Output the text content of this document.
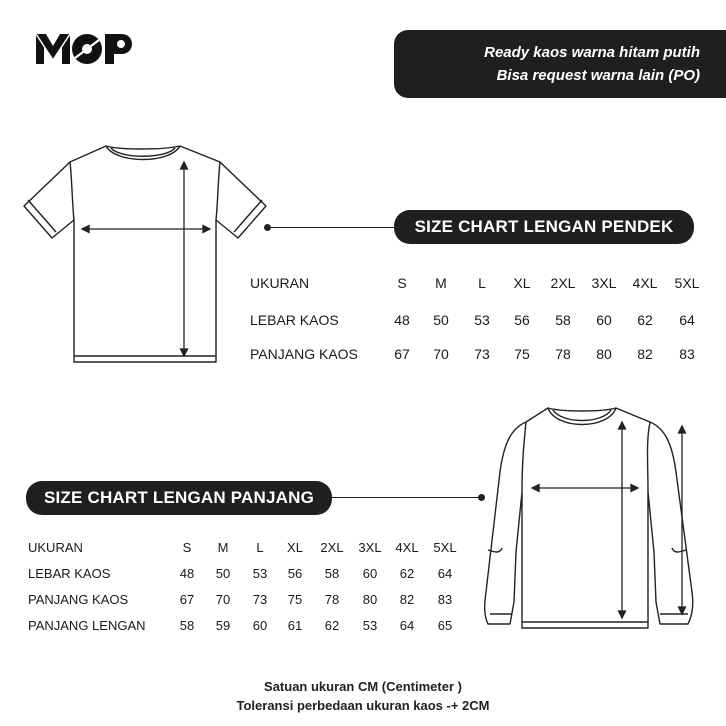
Ready kaos warna hitam putih
Bisa request warna lain (PO)
SIZE CHART LENGAN PENDEK
UKURAN	S M L XL 2XL 3XL 4XL 5XL
LEBAR KAOS	48 50 53 56 58 60 62 64
PANJANG KAOS	67 70 73 75 78 80 82 83
SIZE CHART LENGAN PANJANG
UKURAN	S M L XL 2XL 3XL 4XL 5XL
LEBAR KAOS	48 50 53 56 58 60 62 64
PANJANG KAOS	67 70 73 75 78 80 82 83
PANJANG LENGAN	58 59 60 61 62 53 64 65
Satuan ukuran CM (Centimeter )
Toleransi perbedaan ukuran kaos -+ 2CM
